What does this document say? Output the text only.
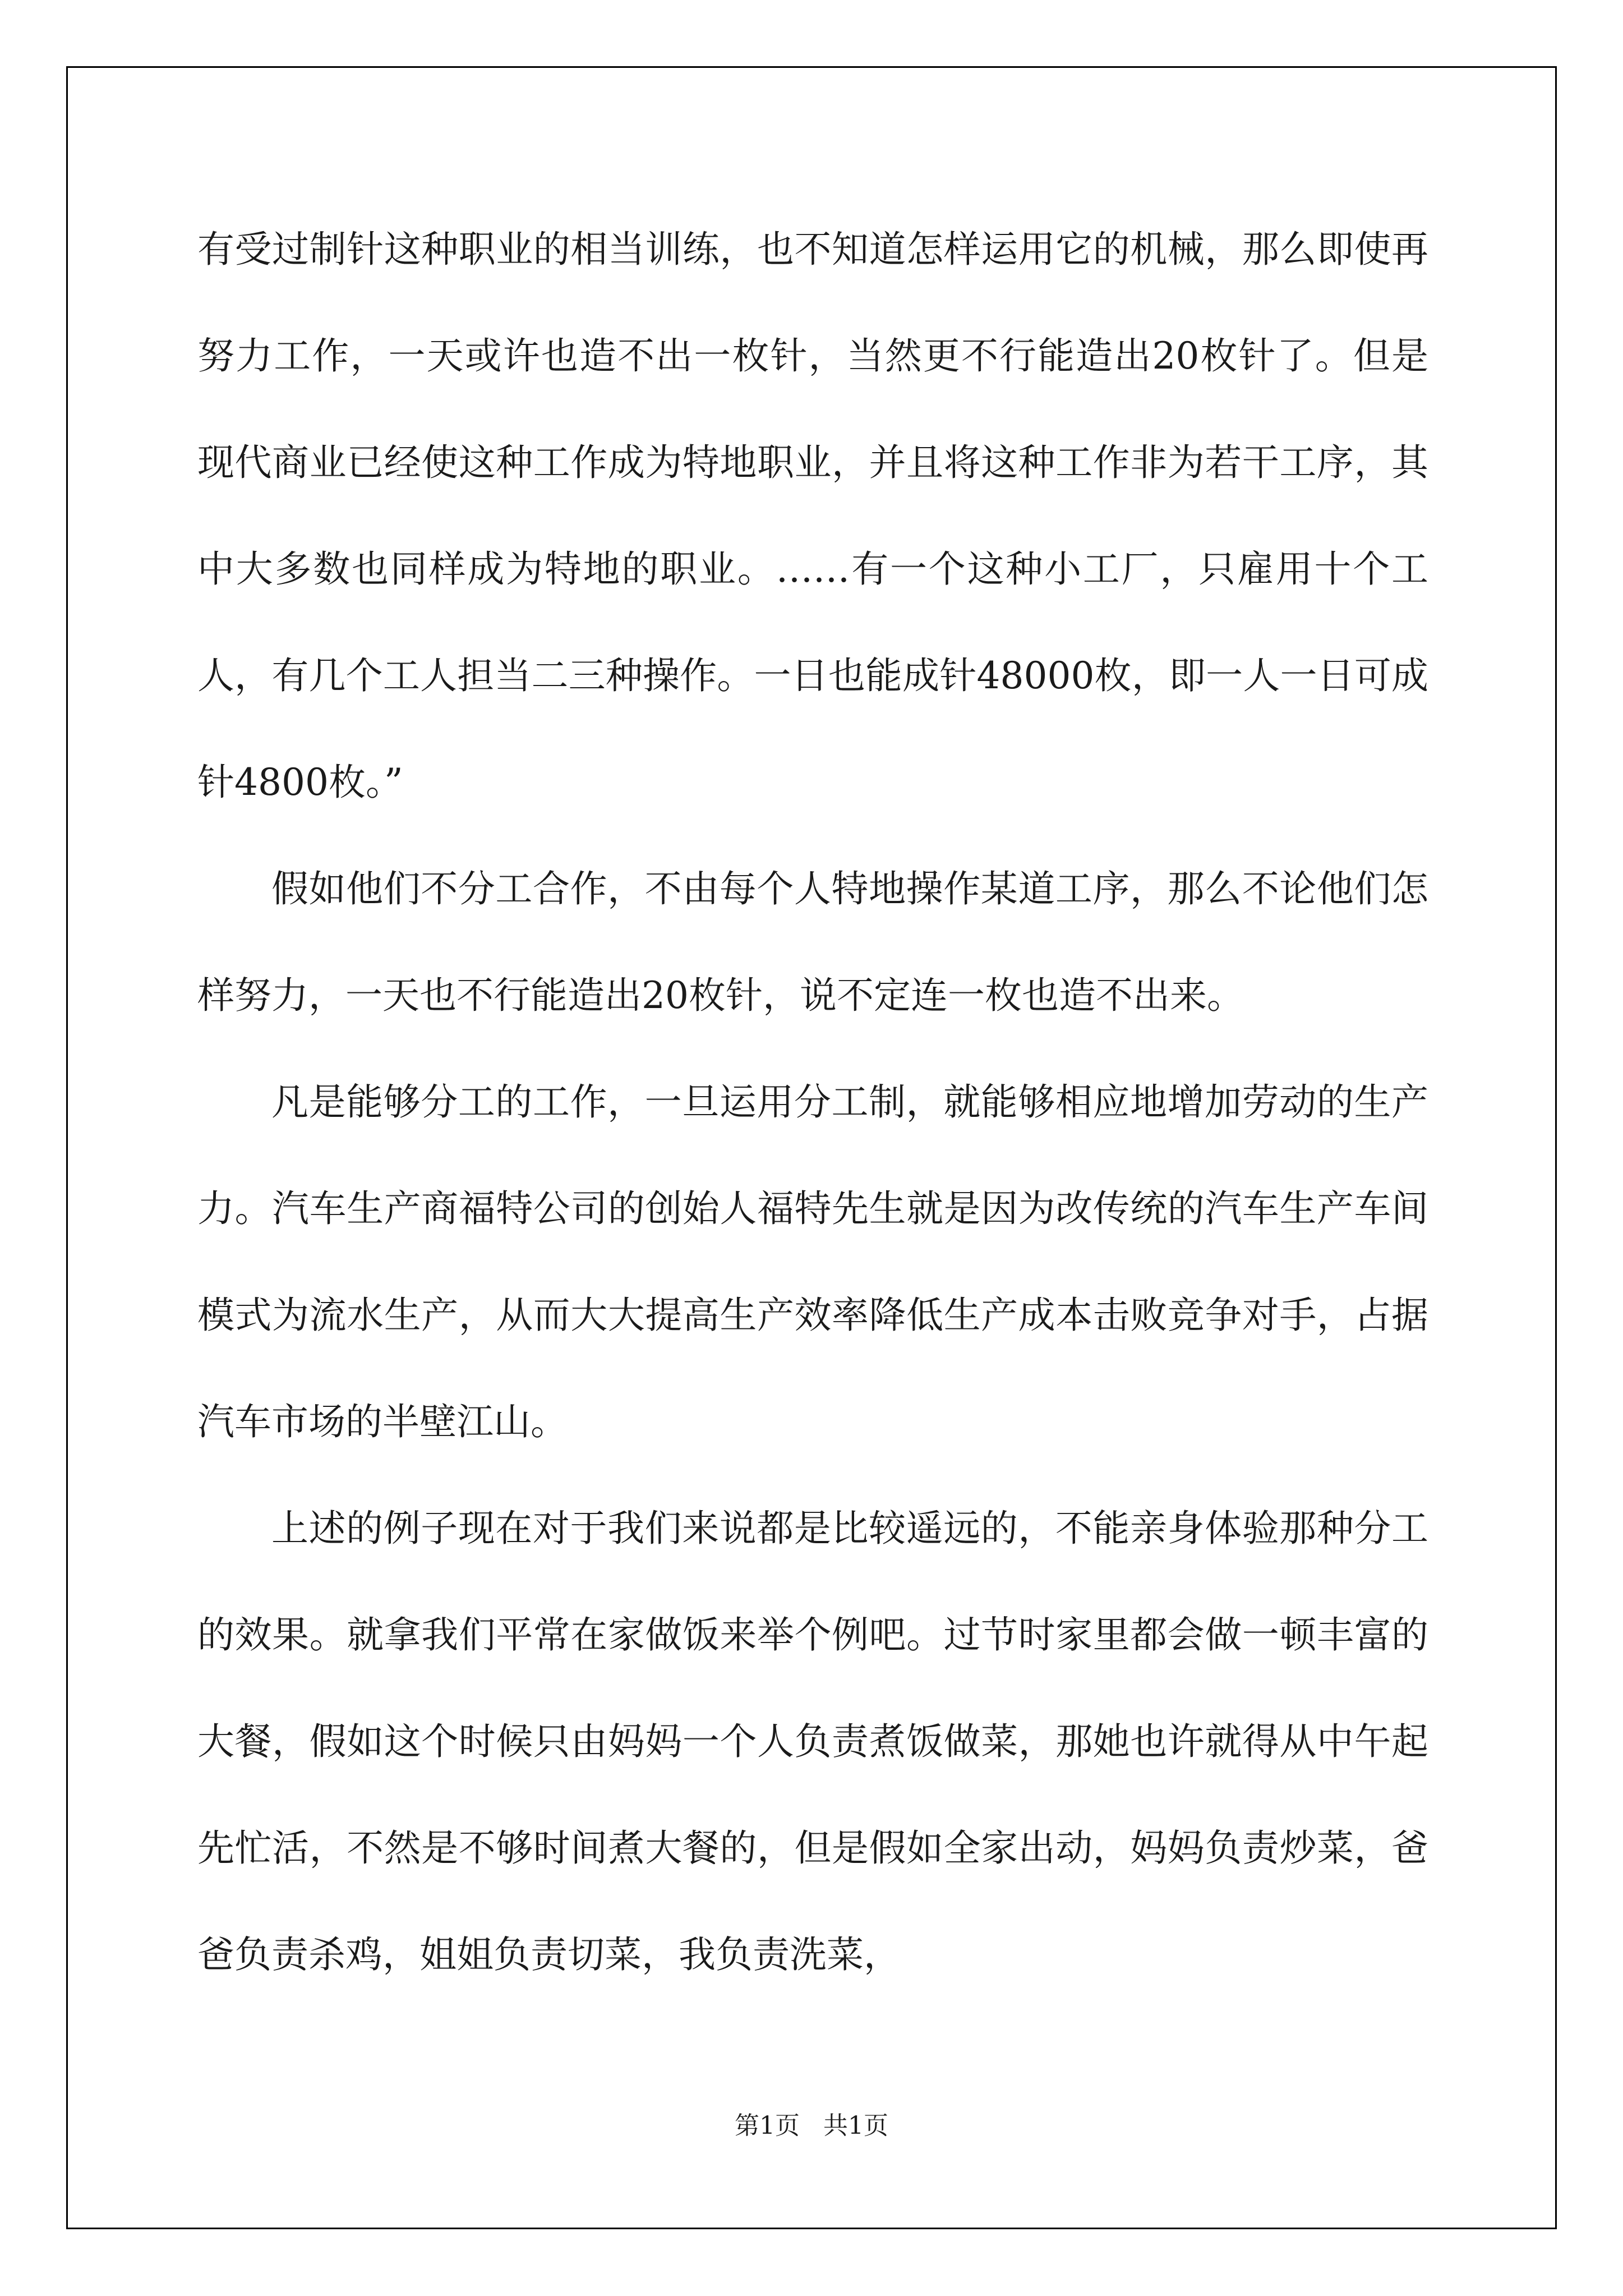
有受过制针这种职业的相当训练，也不知道怎样运用它的机械，那么即使再努力工作，一天或许也造不出一枚针，当然更不行能造出20枚针了。但是现代商业已经使这种工作成为特地职业，并且将这种工作非为若干工序，其中大多数也同样成为特地的职业。……有一个这种小工厂，只雇用十个工人，有几个工人担当二三种操作。一日也能成针48000枚，即一人一日可成针4800枚。”

假如他们不分工合作，不由每个人特地操作某道工序，那么不论他们怎样努力，一天也不行能造出20枚针，说不定连一枚也造不出来。

凡是能够分工的工作，一旦运用分工制，就能够相应地增加劳动的生产力。汽车生产商福特公司的创始人福特先生就是因为改传统的汽车生产车间模式为流水生产，从而大大提高生产效率降低生产成本击败竞争对手，占据汽车市场的半壁江山。

上述的例子现在对于我们来说都是比较遥远的，不能亲身体验那种分工的效果。就拿我们平常在家做饭来举个例吧。过节时家里都会做一顿丰富的大餐，假如这个时候只由妈妈一个人负责煮饭做菜，那她也许就得从中午起先忙活，不然是不够时间煮大餐的，但是假如全家出动，妈妈负责炒菜，爸爸负责杀鸡，姐姐负责切菜，我负责洗菜，

第1页   共1页
